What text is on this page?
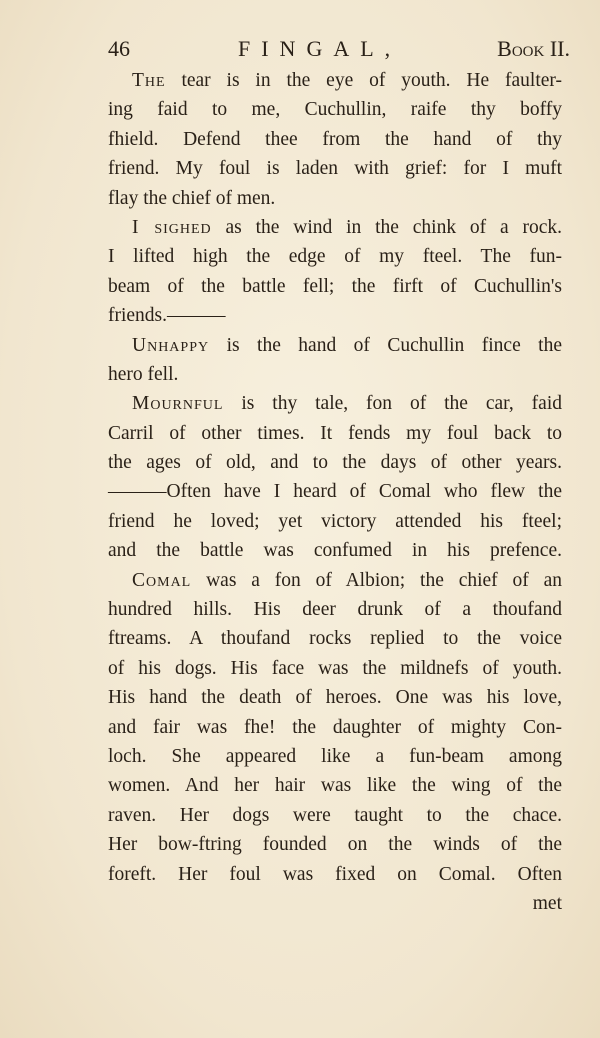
46	FINGAL,	Book II.
The tear is in the eye of youth. He faulter-
ing faid to me, Cuchullin, raife thy boffy
fhield. Defend thee from the hand of thy
friend. My foul is laden with grief: for I muft
flay the chief of men.
I sighed as the wind in the chink of a rock.
I lifted high the edge of my fteel. The fun-
beam of the battle fell; the firft of Cuchullin's
friends.———
Unhappy is the hand of Cuchullin fince the
hero fell.
Mournful is thy tale, fon of the car, faid
Carril of other times. It fends my foul back to
the ages of old, and to the days of other years.
———Often have I heard of Comal who flew the
friend he loved; yet victory attended his fteel;
and the battle was confumed in his prefence.
Comal was a fon of Albion; the chief of an
hundred hills. His deer drunk of a thoufand
ftreams. A thoufand rocks replied to the voice
of his dogs. His face was the mildnefs of youth.
His hand the death of heroes. One was his love,
and fair was fhe! the daughter of mighty Con-
loch. She appeared like a fun-beam among
women. And her hair was like the wing of the
raven. Her dogs were taught to the chace.
Her bow-ftring founded on the winds of the
foreft. Her foul was fixed on Comal. Often
met
